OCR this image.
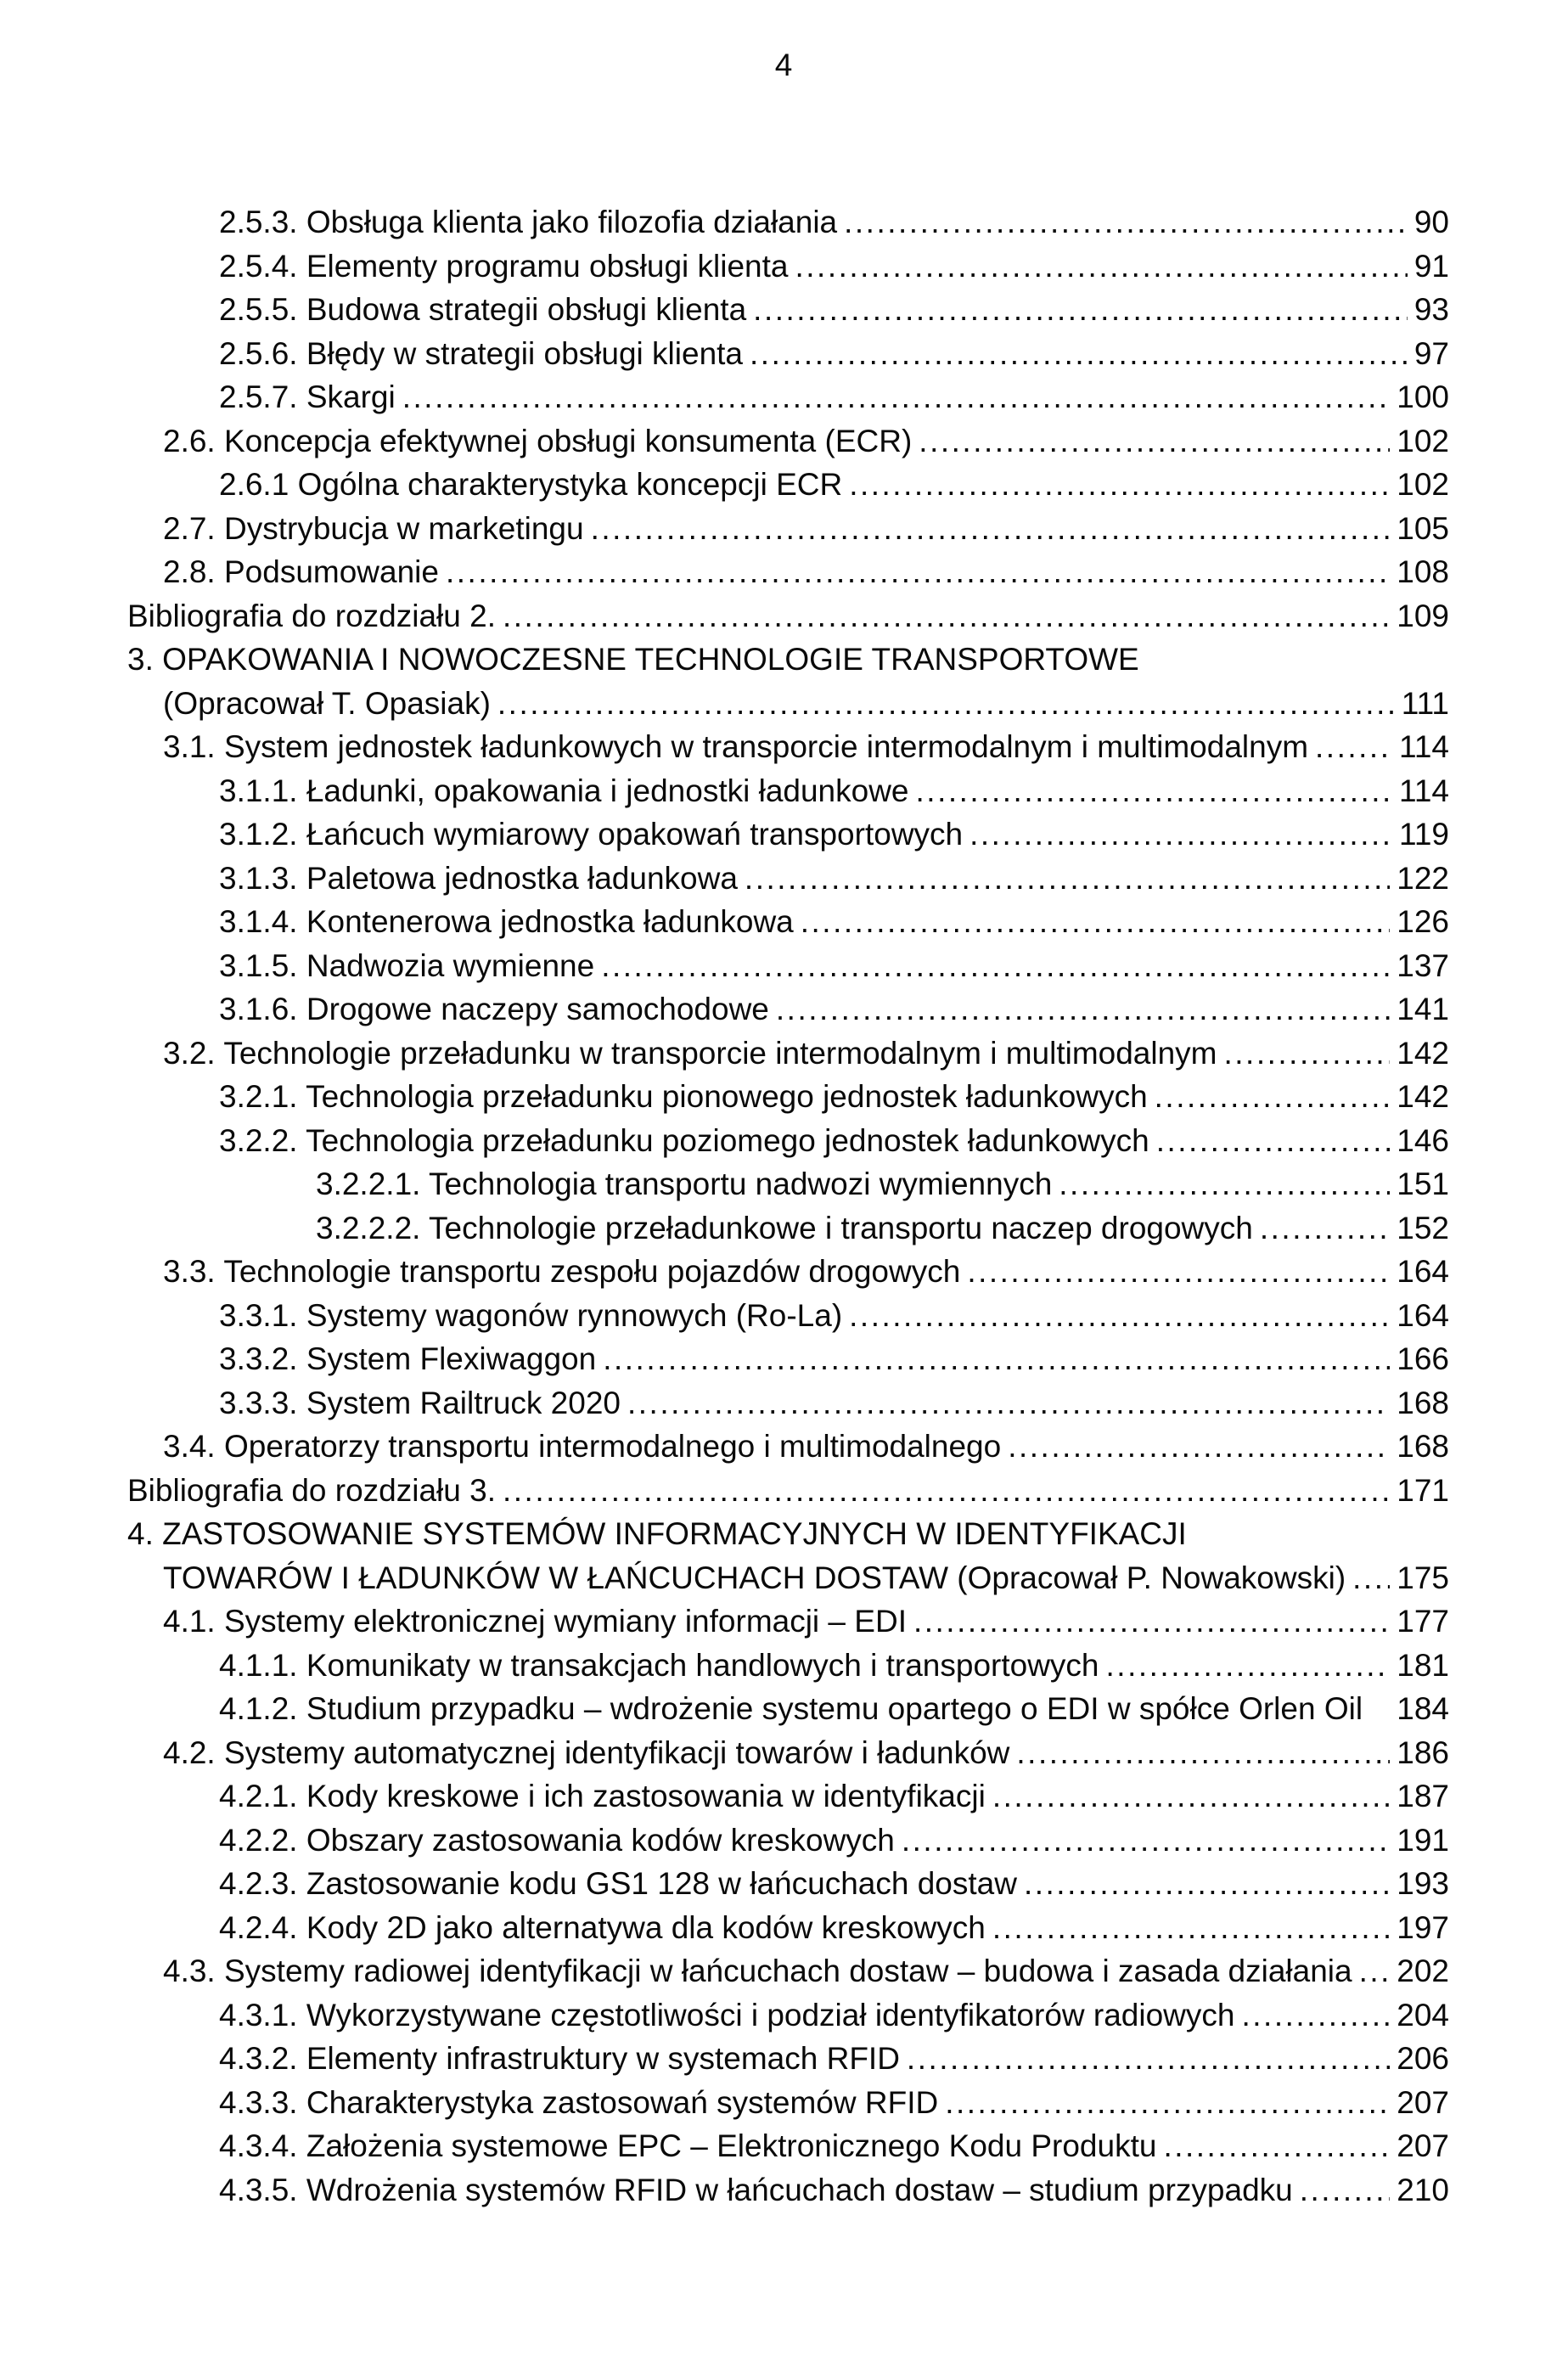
4
2.5.3. Obsługa klienta jako filozofia działania .....	90
2.5.4. Elementy programu obsługi klienta .....	91
2.5.5. Budowa strategii obsługi klienta .....	93
2.5.6. Błędy w strategii obsługi klienta .....	97
2.5.7. Skargi .....	100
2.6. Koncepcja efektywnej obsługi konsumenta (ECR) .....	102
2.6.1 Ogólna charakterystyka koncepcji ECR .....	102
2.7. Dystrybucja w marketingu .....	105
2.8. Podsumowanie .....	108
Bibliografia do rozdziału 2. .....	109
3. OPAKOWANIA I NOWOCZESNE TECHNOLOGIE TRANSPORTOWE
(Opracował T. Opasiak) .....	111
3.1. System jednostek ładunkowych w transporcie intermodalnym i multimodalnym .....	114
3.1.1. Ładunki, opakowania i jednostki ładunkowe .....	114
3.1.2. Łańcuch wymiarowy opakowań transportowych .....	119
3.1.3. Paletowa jednostka ładunkowa .....	122
3.1.4. Kontenerowa jednostka ładunkowa .....	126
3.1.5. Nadwozia wymienne .....	137
3.1.6. Drogowe naczepy samochodowe .....	141
3.2. Technologie przeładunku w transporcie intermodalnym i multimodalnym .....	142
3.2.1. Technologia przeładunku pionowego jednostek ładunkowych .....	142
3.2.2. Technologia przeładunku poziomego jednostek ładunkowych .....	146
3.2.2.1. Technologia transportu nadwozi wymiennych .....	151
3.2.2.2. Technologie przeładunkowe i transportu naczep drogowych .....	152
3.3. Technologie transportu zespołu pojazdów drogowych .....	164
3.3.1. Systemy wagonów rynnowych (Ro-La) .....	164
3.3.2. System Flexiwaggon .....	166
3.3.3. System Railtruck 2020 .....	168
3.4. Operatorzy transportu intermodalnego i multimodalnego .....	168
Bibliografia do rozdziału 3. .....	171
4. ZASTOSOWANIE SYSTEMÓW INFORMACYJNYCH W IDENTYFIKACJI
TOWARÓW I ŁADUNKÓW W ŁAŃCUCHACH DOSTAW (Opracował P. Nowakowski) ..... 175
4.1. Systemy elektronicznej wymiany informacji – EDI .....	177
4.1.1. Komunikaty w transakcjach handlowych i transportowych .....	181
4.1.2. Studium przypadku – wdrożenie systemu opartego o EDI w spółce Orlen Oil 184
4.2. Systemy automatycznej identyfikacji towarów i ładunków .....	186
4.2.1. Kody kreskowe i ich zastosowania w identyfikacji .....	187
4.2.2. Obszary zastosowania kodów kreskowych .....	191
4.2.3. Zastosowanie kodu GS1 128 w łańcuchach dostaw .....	193
4.2.4. Kody 2D jako alternatywa dla kodów kreskowych .....	197
4.3. Systemy radiowej identyfikacji w łańcuchach dostaw – budowa i zasada działania ..... 202
4.3.1. Wykorzystywane częstotliwości i podział identyfikatorów radiowych .....	204
4.3.2. Elementy infrastruktury w systemach RFID .....	206
4.3.3. Charakterystyka zastosowań systemów RFID .....	207
4.3.4. Założenia systemowe EPC – Elektronicznego Kodu Produktu .....	207
4.3.5. Wdrożenia systemów RFID w łańcuchach dostaw – studium przypadku .....	210
